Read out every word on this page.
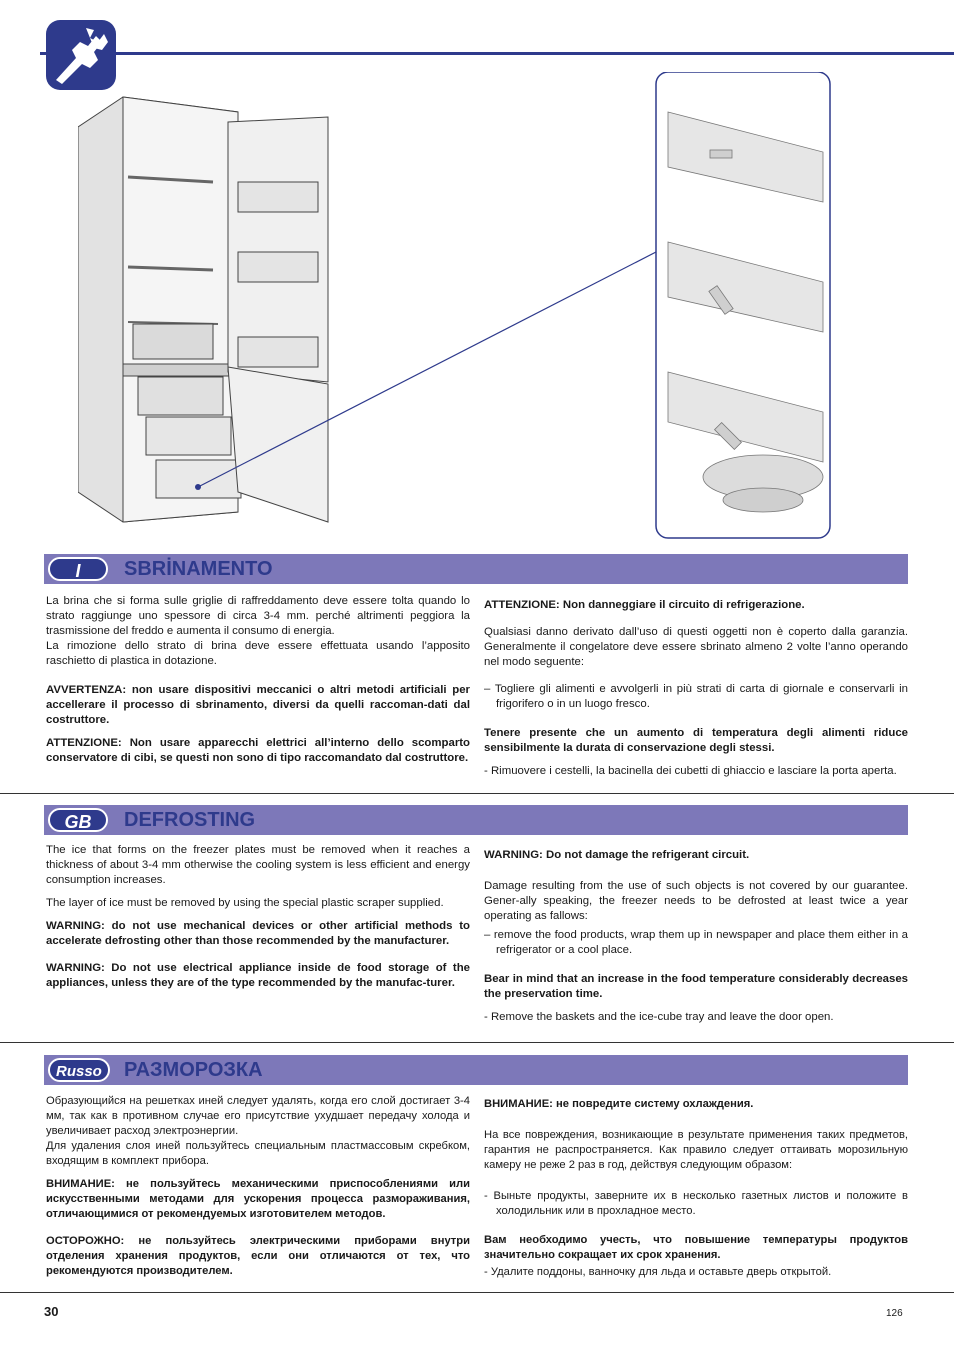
I	SBRİNAMENTO

La brina che si forma sulle griglie di raffreddamento deve essere tolta quando lo strato raggiunge uno spessore di circa 3-4 mm. perché altrimenti peggiora la trasmissione del freddo e aumenta il consumo di energia.

La rimozione dello strato di brina deve essere effettuata usando l’apposito raschietto di plastica in dotazione.

AVVERTENZA: non usare dispositivi meccanici o altri metodi artificiali per accellerare il processo di sbrinamento, diversi da quelli raccoman-dati dal costruttore.

ATTENZIONE: Non usare apparecchi elettrici all’interno dello scomparto conservatore di cibi, se questi non sono di tipo raccomandato dal costruttore.

ATTENZIONE: Non danneggiare il circuito di refrigerazione.

Qualsiasi danno derivato dall’uso di questi oggetti non è coperto dalla garanzia. Generalmente il congelatore deve essere sbrinato almeno 2 volte l’anno operando nel modo seguente:

– Togliere gli alimenti e avvolgerli in più strati di carta di giornale e conservarli in frigorifero o in un luogo fresco.

Tenere presente che un aumento di temperatura degli alimenti riduce sensibilmente la durata di conservazione degli stessi.

- Rimuovere i cestelli, la bacinella dei cubetti di ghiaccio e lasciare la porta aperta.

GB	DEFROSTING

The ice that forms on the freezer plates must be removed when it reaches a thickness of about 3-4 mm otherwise the cooling system is less efficient and energy consumption increases.

The layer of ice must be removed by using the special plastic scraper supplied.

WARNING: do not use mechanical devices or other artificial methods to accelerate defrosting other than those recommended by the manufacturer.

WARNING: Do not use electrical appliance inside de food storage of the appliances, unless they are of the type recommended by the manufac-turer.

WARNING: Do not damage the refrigerant circuit.

Damage resulting from the use of such objects is not covered by our guarantee. Gener-ally speaking, the freezer needs to be defrosted at least twice a year operating as fallows:

– remove the food products, wrap them up in newspaper and place them either in a refrigerator or a cool place.

Bear in mind that an increase in the food temperature considerably decreases the preservation time.

- Remove the baskets and the ice-cube tray and leave the door open.

Russo	РАЗМОРОЗКА

Образующийся на решетках иней следует удалять, когда его слой достигает 3-4 мм, так как в противном случае его присутствие ухудшает передачу холода и увеличивает расход электроэнергии.

Для удаления слоя иней пользуйтесь специальным пластмассовым скребком, входящим в комплект прибора.

ВНИМАНИЕ: не пользуйтесь механическими приспособлениями или искусственными методами для ускорения процесса размораживания, отличающимися от рекомендуемых изготовителем методов.

ОСТОРОЖНО: не пользуйтесь электрическими приборами внутри отделения хранения продуктов, если они отличаются от тех, что рекомендуются производителем.

ВНИМАНИЕ: не повредите систему охлаждения.

На все повреждения, возникающие в результате применения таких предметов, гарантия не распространяется. Как правило следует оттаивать морозильную камеру не реже 2 раз в год, действуя следующим образом:

- Выньте продукты, заверните их в несколько газетных листов и положите в холодильник или в прохладное место.

Вам необходимо учесть, что повышение температуры продуктов значительно сокращает их срок хранения.

- Удалите поддоны, ванночку для льда и оставьте дверь открытой.

30	126
